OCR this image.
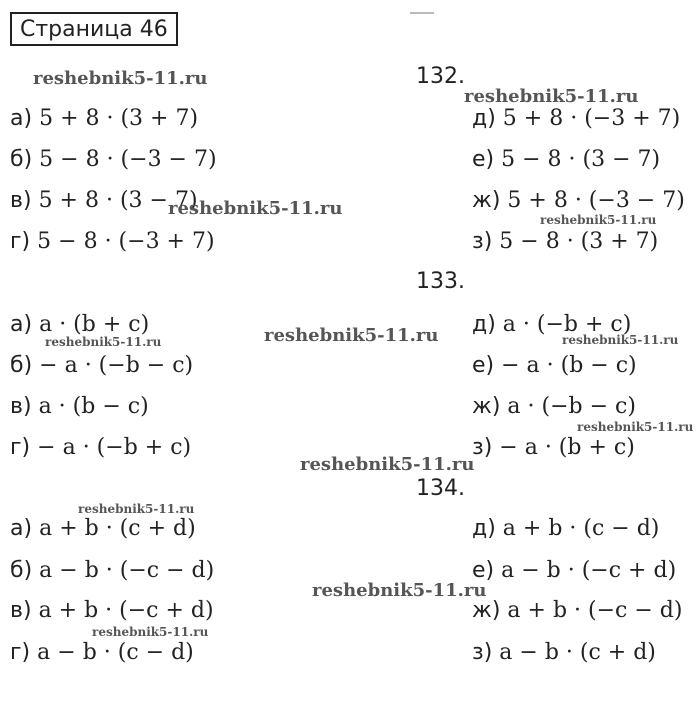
Страница 46
132.
а) 5 + 8 · (3 + 7)
б) 5 − 8 · (−3 − 7)
в) 5 + 8 · (3 − 7)
г) 5 − 8 · (−3 + 7)
д) 5 + 8 · (−3 + 7)
е) 5 − 8 · (3 − 7)
ж) 5 + 8 · (−3 − 7)
з) 5 − 8 · (3 + 7)
133.
а) a · (b + c)
б) − a · (−b − c)
в) a · (b − c)
г) − a · (−b + c)
д) a · (−b + c)
е) − a · (b − c)
ж) a · (−b − c)
з) − a · (b + c)
134.
а) a + b · (c + d)
б) a − b · (−c − d)
в) a + b · (−c + d)
г) a − b · (c − d)
д) a + b · (c − d)
е) a − b · (−c + d)
ж) a + b · (−c − d)
з) a − b · (c + d)
reshebnik5-11.ru
reshebnik5-11.ru
reshebnik5-11.ru
reshebnik5-11.ru
reshebnik5-11.ru
reshebnik5-11.ru	reshebnik5-11.ru
reshebnik5-11.ru
reshebnik5-11.ru
reshebnik5-11.ru
reshebnik5-11.ru
reshebnik5-11.ru
